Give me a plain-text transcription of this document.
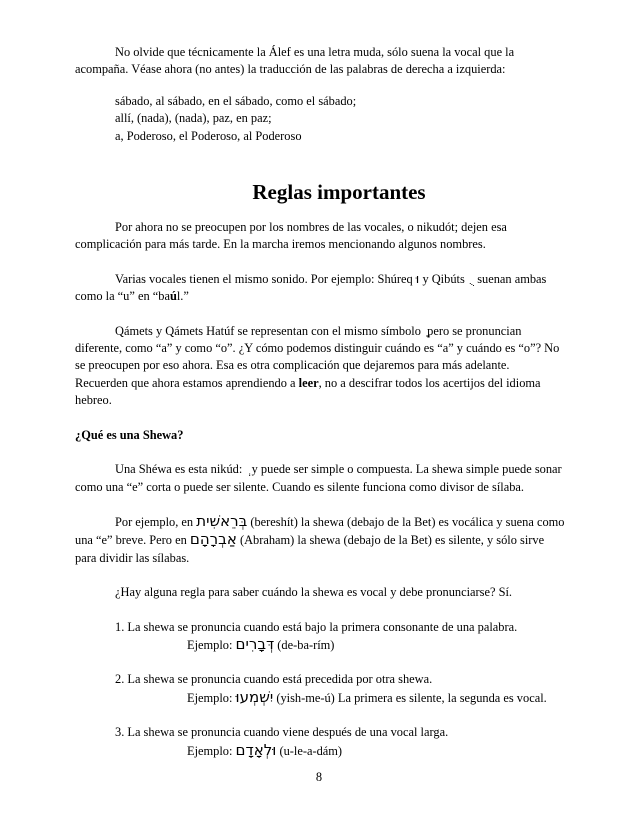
No olvide que técnicamente la Álef es una letra muda, sólo suena la vocal que la acompaña. Véase ahora (no antes) la traducción de las palabras de derecha a izquierda:

sábado, al sábado, en el sábado, como el sábado;

allí, (nada), (nada), paz, en paz;

a, Poderoso, el Poderoso, al Poderoso

Reglas importantes

Por ahora no se preocupen por los nombres de las vocales, o nikudót; dejen esa complicación para más tarde. En la marcha iremos mencionando algunos nombres.

Varias vocales tienen el mismo sonido. Por ejemplo: Shúreq וּ y Qibúts suenan ambas como la “u” en “baúl.”

Qámets y Qámets Hatúf se representan con el mismo símbolo pero se pronuncian diferente, como “a” y como “o”. ¿Y cómo podemos distinguir cuándo es “a” y cuándo es “o”? No se preocupen por eso ahora. Esa es otra complicación que dejaremos para más adelante. Recuerden que ahora estamos aprendiendo a leer, no a descifrar todos los acertijos del idioma hebreo.

¿Qué es una Shewa?

Una Shéwa es esta nikúd: y puede ser simple o compuesta. La shewa simple puede sonar como una “e” corta o puede ser silente. Cuando es silente funciona como divisor de sílaba.

Por ejemplo, en בְּרֵאשִׁית (bereshít) la shewa (debajo de la Bet) es vocálica y suena como una “e” breve. Pero en אַבְרָהָם (Abraham) la shewa (debajo de la Bet) es silente, y sólo sirve para dividir las sílabas.

¿Hay alguna regla para saber cuándo la shewa es vocal y debe pronunciarse? Sí.

1. La shewa se pronuncia cuando está bajo la primera consonante de una palabra.

Ejemplo: דְּבָרִים (de-ba-rím)

2. La shewa se pronuncia cuando está precedida por otra shewa.

Ejemplo: יִשְׁמְעוּ (yish-me-ú) La primera es silente, la segunda es vocal.

3. La shewa se pronuncia cuando viene después de una vocal larga.

Ejemplo: וּלְאָדָם (u-le-a-dám)

8
